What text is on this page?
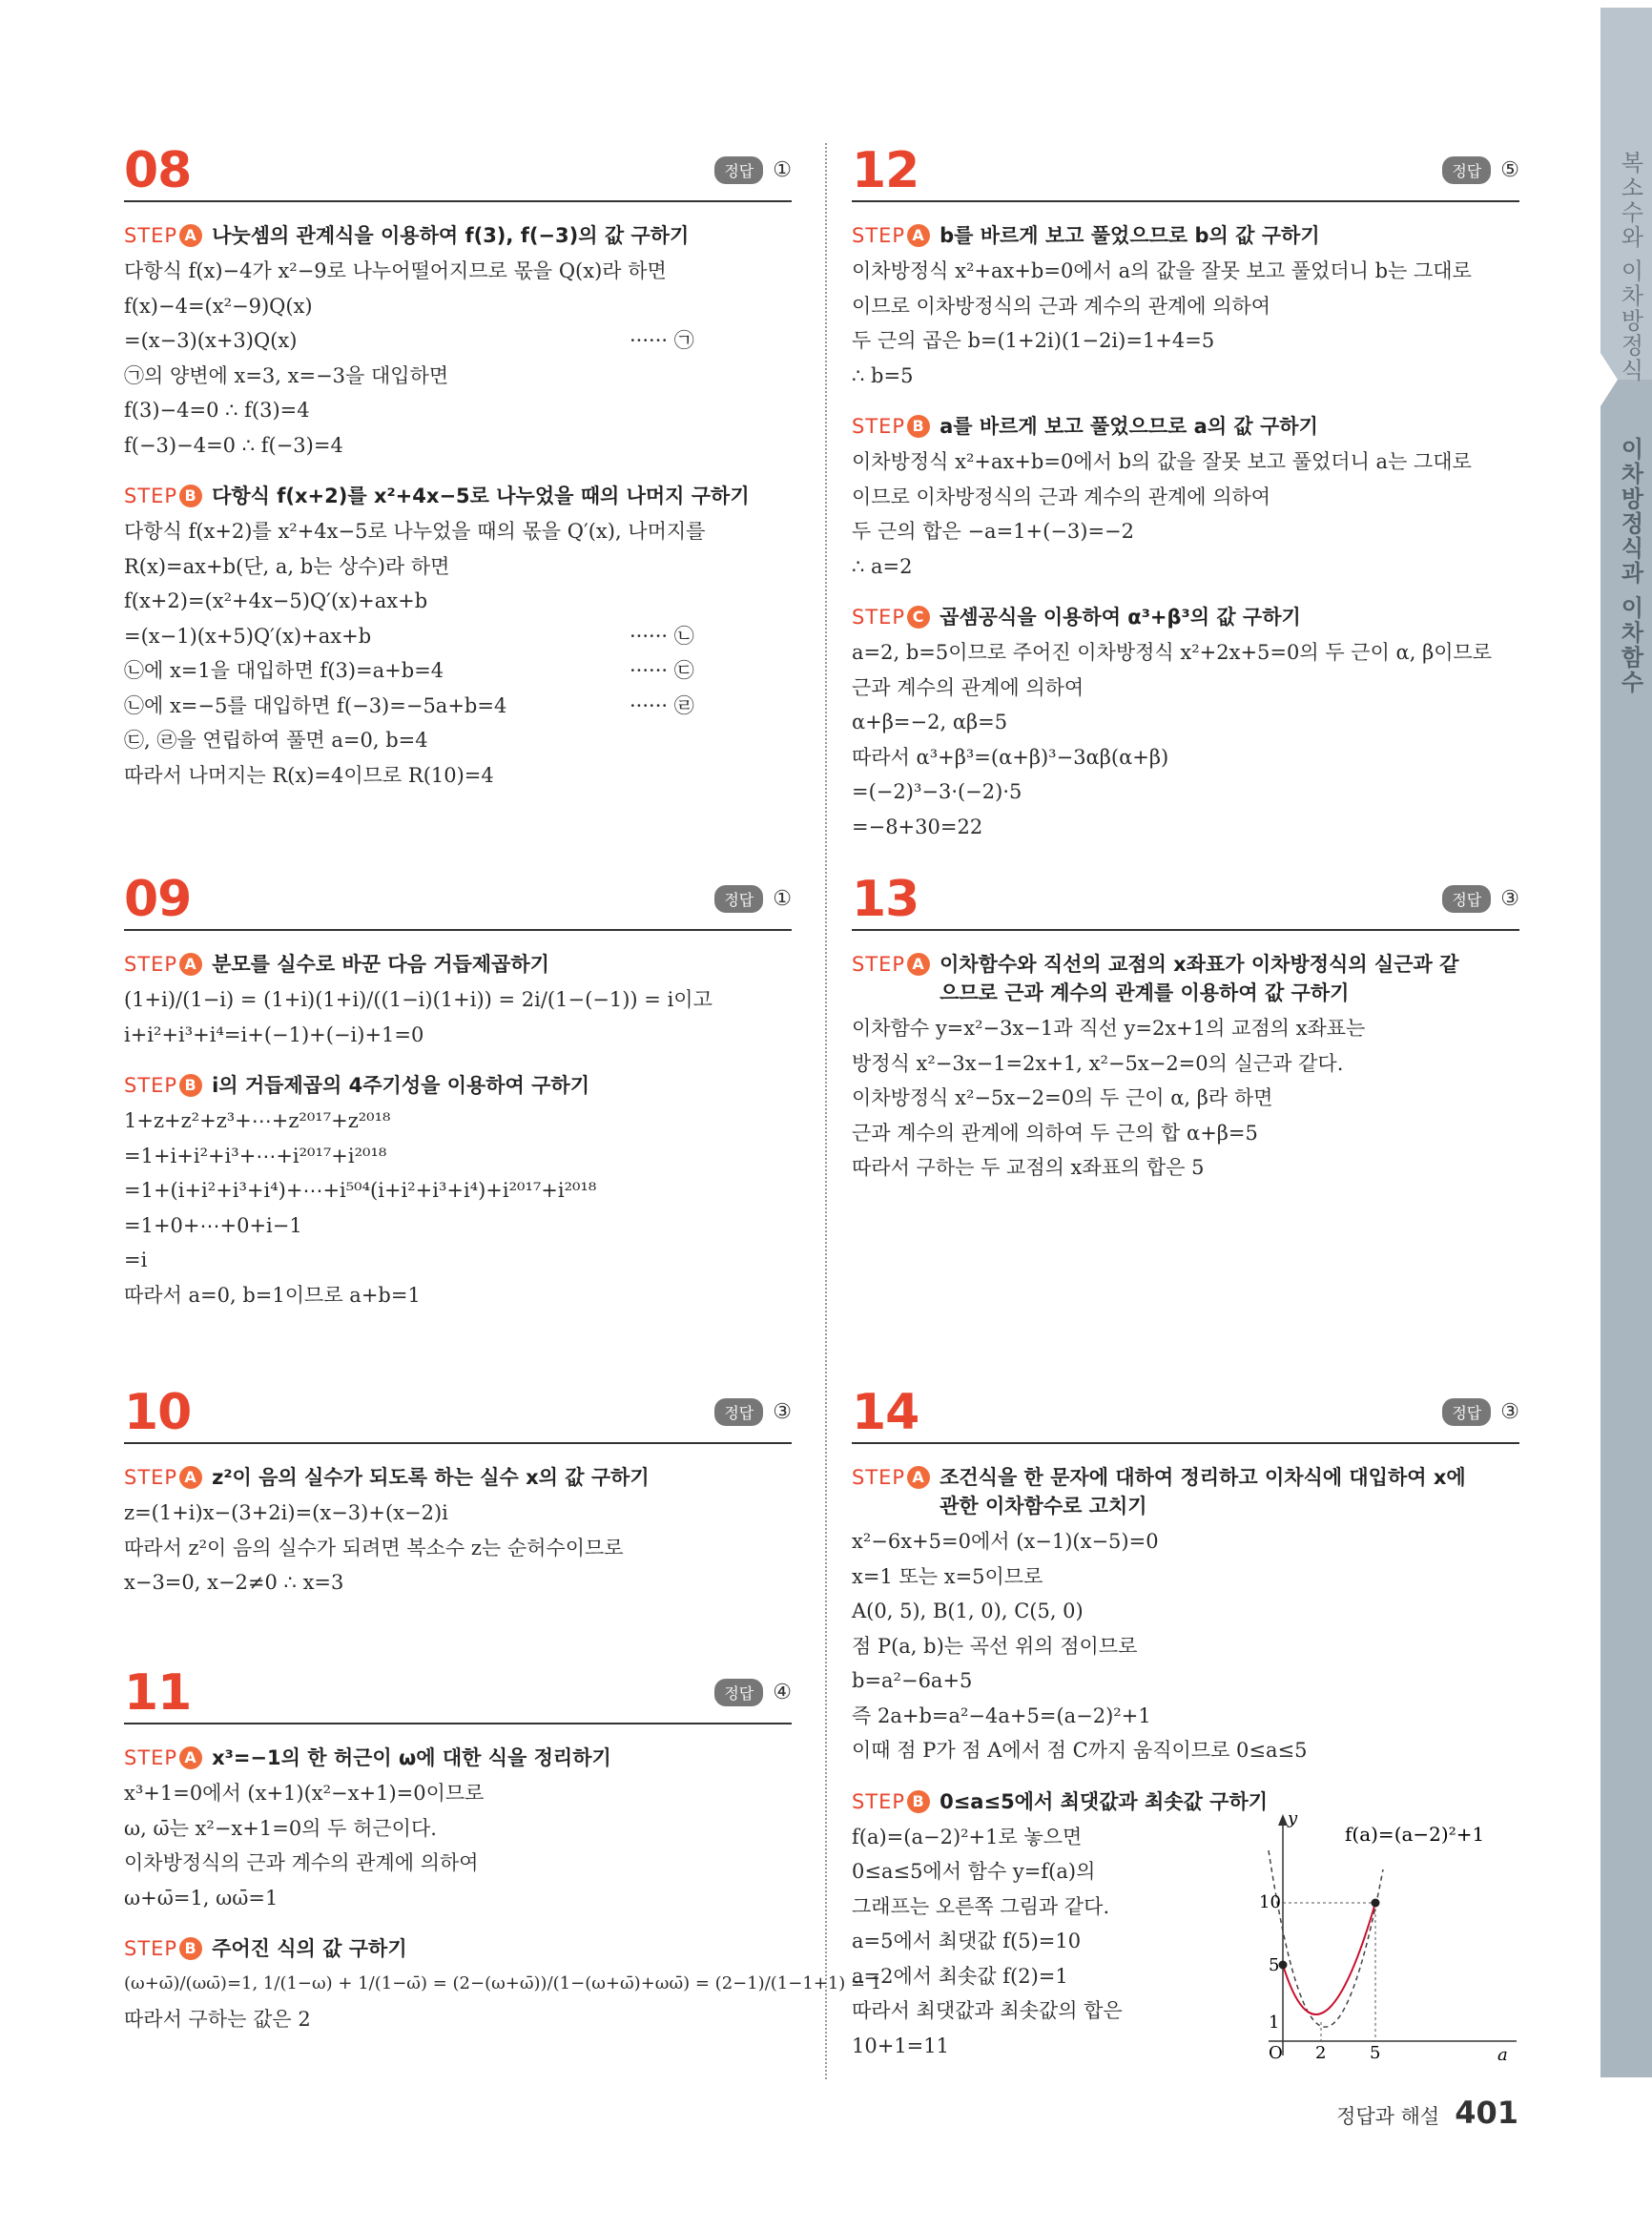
복소수와 이차방정식
이차방정식과 이차함수
08	정답 ①
STEP A 나눗셈의 관계식을 이용하여 f(3), f(−3)의 값 구하기
다항식 f(x)−4가 x²−9로 나누어떨어지므로 몫을 Q(x)라 하면
f(x)−4=(x²−9)Q(x)
=(x−3)(x+3)Q(x)	······ ㉠
㉠의 양변에 x=3, x=−3을 대입하면
f(3)−4=0 ∴ f(3)=4
f(−3)−4=0 ∴ f(−3)=4
STEP B 다항식 f(x+2)를 x²+4x−5로 나누었을 때의 나머지 구하기
다항식 f(x+2)를 x²+4x−5로 나누었을 때의 몫을 Q′(x), 나머지를
R(x)=ax+b(단, a, b는 상수)라 하면
f(x+2)=(x²+4x−5)Q′(x)+ax+b
=(x−1)(x+5)Q′(x)+ax+b	······ ㉡
㉡에 x=1을 대입하면 f(3)=a+b=4	······ ㉢
㉡에 x=−5를 대입하면 f(−3)=−5a+b=4	······ ㉣
㉢, ㉣을 연립하여 풀면 a=0, b=4
따라서 나머지는 R(x)=4이므로 R(10)=4
09	정답 ①
STEP A 분모를 실수로 바꾼 다음 거듭제곱하기
(1+i)/(1−i) = (1+i)(1+i)/((1−i)(1+i)) = 2i/(1−(−1)) = i이고
i+i²+i³+i⁴=i+(−1)+(−i)+1=0
STEP B i의 거듭제곱의 4주기성을 이용하여 구하기
1+z+z²+z³+⋯+z²⁰¹⁷+z²⁰¹⁸
=1+i+i²+i³+⋯+i²⁰¹⁷+i²⁰¹⁸
=1+(i+i²+i³+i⁴)+⋯+i⁵⁰⁴(i+i²+i³+i⁴)+i²⁰¹⁷+i²⁰¹⁸
=1+0+⋯+0+i−1
=i
따라서 a=0, b=1이므로 a+b=1
10	정답 ③
STEP A z²이 음의 실수가 되도록 하는 실수 x의 값 구하기
z=(1+i)x−(3+2i)=(x−3)+(x−2)i
따라서 z²이 음의 실수가 되려면 복소수 z는 순허수이므로
x−3=0, x−2≠0 ∴ x=3
11	정답 ④
STEP A x³=−1의 한 허근이 ω에 대한 식을 정리하기
x³+1=0에서 (x+1)(x²−x+1)=0이므로
ω, ω̄는 x²−x+1=0의 두 허근이다.
이차방정식의 근과 계수의 관계에 의하여
ω+ω̄=1, ωω̄=1
STEP B 주어진 식의 값 구하기
(ω+ω̄)/(ωω̄)=1, 1/(1−ω) + 1/(1−ω̄) = (2−(ω+ω̄))/(1−(ω+ω̄)+ωω̄) = (2−1)/(1−1+1) = 1
따라서 구하는 값은 2
12	정답 ⑤
STEP A b를 바르게 보고 풀었으므로 b의 값 구하기
이차방정식 x²+ax+b=0에서 a의 값을 잘못 보고 풀었더니 b는 그대로
이므로 이차방정식의 근과 계수의 관계에 의하여
두 근의 곱은 b=(1+2i)(1−2i)=1+4=5
∴ b=5
STEP B a를 바르게 보고 풀었으므로 a의 값 구하기
이차방정식 x²+ax+b=0에서 b의 값을 잘못 보고 풀었더니 a는 그대로
이므로 이차방정식의 근과 계수의 관계에 의하여
두 근의 합은 −a=1+(−3)=−2
∴ a=2
STEP C 곱셈공식을 이용하여 α³+β³의 값 구하기
a=2, b=5이므로 주어진 이차방정식 x²+2x+5=0의 두 근이 α, β이므로
근과 계수의 관계에 의하여
α+β=−2, αβ=5
따라서 α³+β³=(α+β)³−3αβ(α+β)
=(−2)³−3·(−2)·5
=−8+30=22
13	정답 ③
STEP A 이차함수와 직선의 교점의 x좌표가 이차방정식의 실근과 같으므로 근과 계수의 관계를 이용하여 값 구하기
이차함수 y=x²−3x−1과 직선 y=2x+1의 교점의 x좌표는
방정식 x²−3x−1=2x+1, x²−5x−2=0의 실근과 같다.
이차방정식 x²−5x−2=0의 두 근이 α, β라 하면
근과 계수의 관계에 의하여 두 근의 합 α+β=5
따라서 구하는 두 교점의 x좌표의 합은 5
14	정답 ③
STEP A 조건식을 한 문자에 대하여 정리하고 이차식에 대입하여 x에 관한 이차함수로 고치기
x²−6x+5=0에서 (x−1)(x−5)=0
x=1 또는 x=5이므로
A(0, 5), B(1, 0), C(5, 0)
점 P(a, b)는 곡선 위의 점이므로
b=a²−6a+5
즉 2a+b=a²−4a+5=(a−2)²+1
이때 점 P가 점 A에서 점 C까지 움직이므로 0≤a≤5
STEP B 0≤a≤5에서 최댓값과 최솟값 구하기
f(a)=(a−2)²+1로 놓으면
0≤a≤5에서 함수 y=f(a)의
그래프는 오른쪽 그림과 같다.
a=5에서 최댓값 f(5)=10
a=2에서 최솟값 f(2)=1
따라서 최댓값과 최솟값의 합은
10+1=11
y
a
O 2	5
10
5
1
f(a)=(a−2)²+1
정답과 해설 401
